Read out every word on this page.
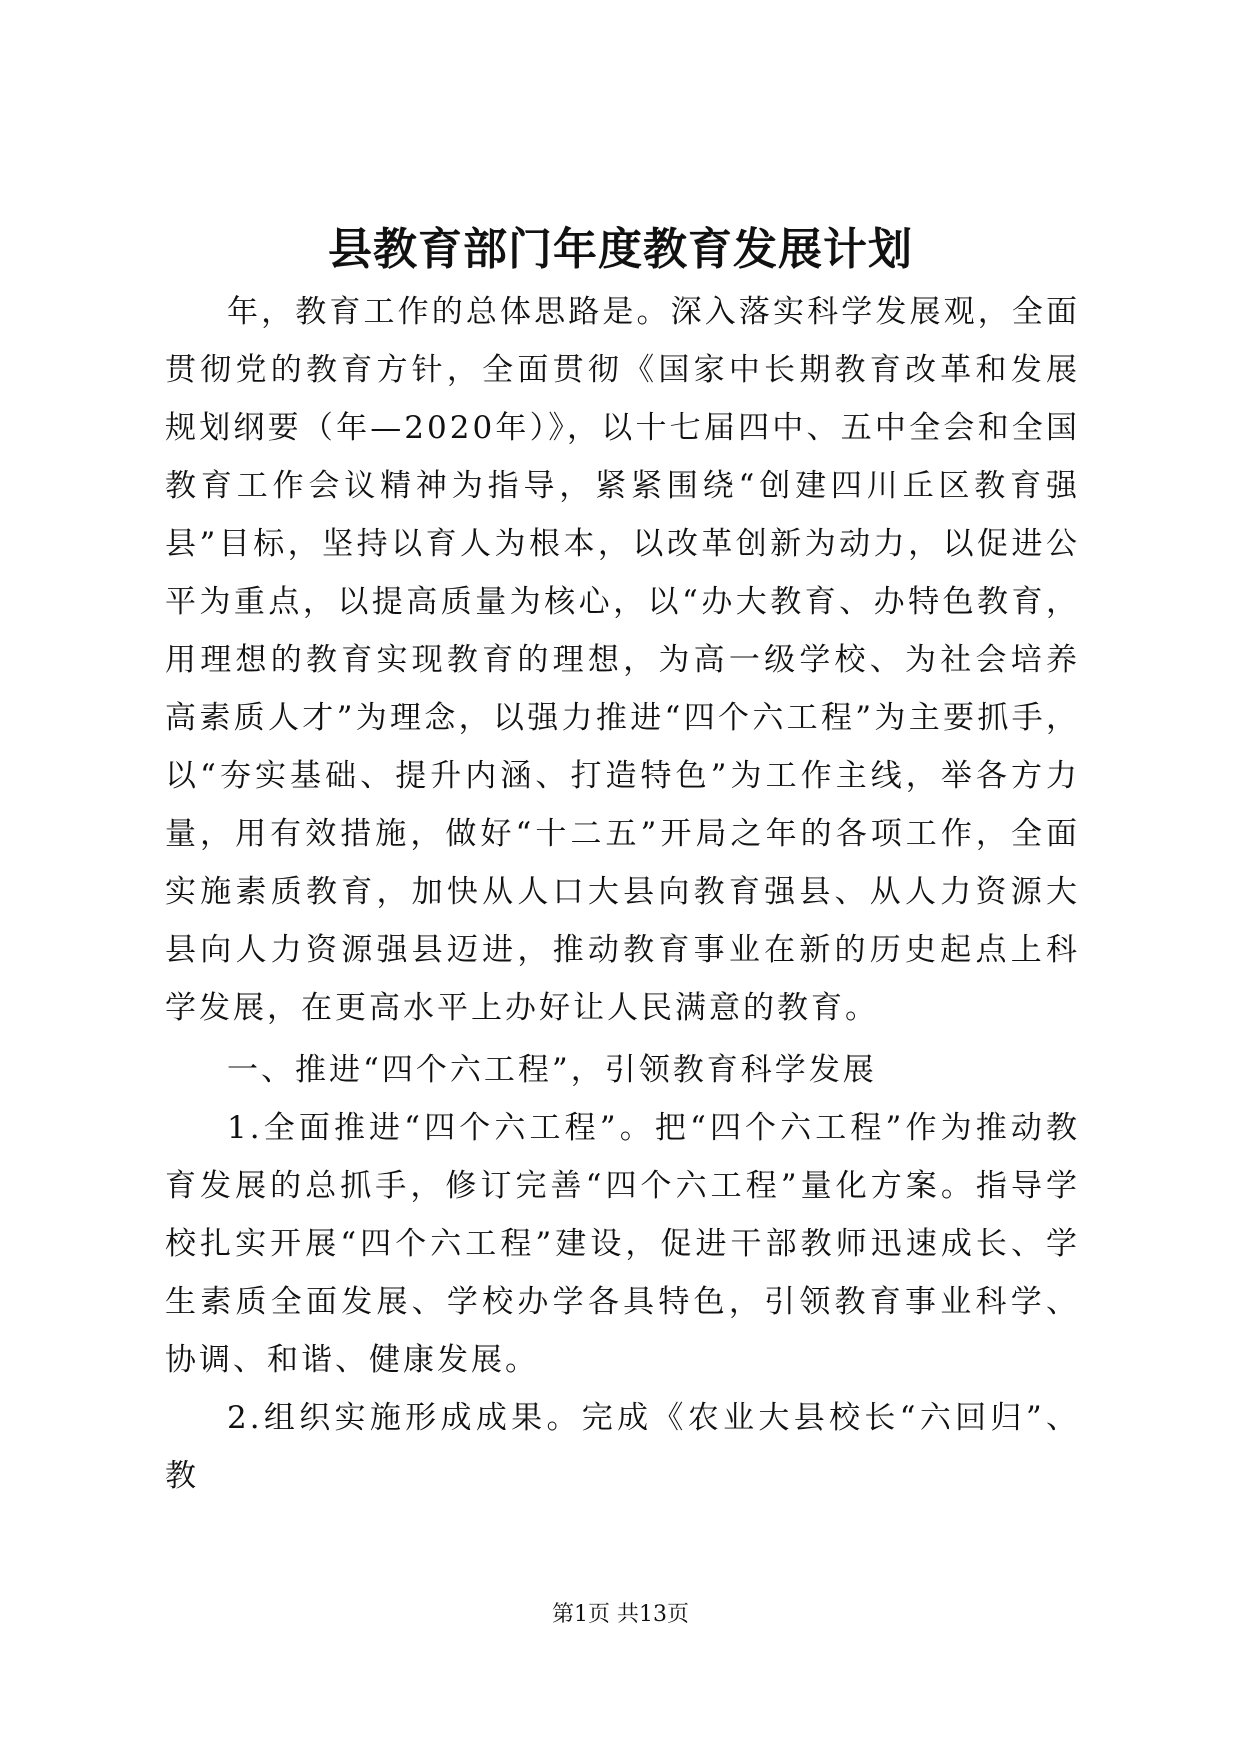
县教育部门年度教育发展计划

年，教育工作的总体思路是。深入落实科学发展观，全面贯彻党的教育方针，全面贯彻《国家中长期教育改革和发展规划纲要（年—2020年）》，以十七届四中、五中全会和全国教育工作会议精神为指导，紧紧围绕“创建四川丘区教育强县”目标，坚持以育人为根本，以改革创新为动力，以促进公平为重点，以提高质量为核心，以“办大教育、办特色教育，用理想的教育实现教育的理想，为高一级学校、为社会培养高素质人才”为理念，以强力推进“四个六工程”为主要抓手，以“夯实基础、提升内涵、打造特色”为工作主线，举各方力量，用有效措施，做好“十二五”开局之年的各项工作，全面实施素质教育，加快从人口大县向教育强县、从人力资源大县向人力资源强县迈进，推动教育事业在新的历史起点上科学发展，在更高水平上办好让人民满意的教育。

一、推进“四个六工程”，引领教育科学发展

1.全面推进“四个六工程”。把“四个六工程”作为推动教育发展的总抓手，修订完善“四个六工程”量化方案。指导学校扎实开展“四个六工程”建设，促进干部教师迅速成长、学生素质全面发展、学校办学各具特色，引领教育事业科学、协调、和谐、健康发展。

2.组织实施形成成果。完成《农业大县校长“六回归”、教

第1页 共13页
